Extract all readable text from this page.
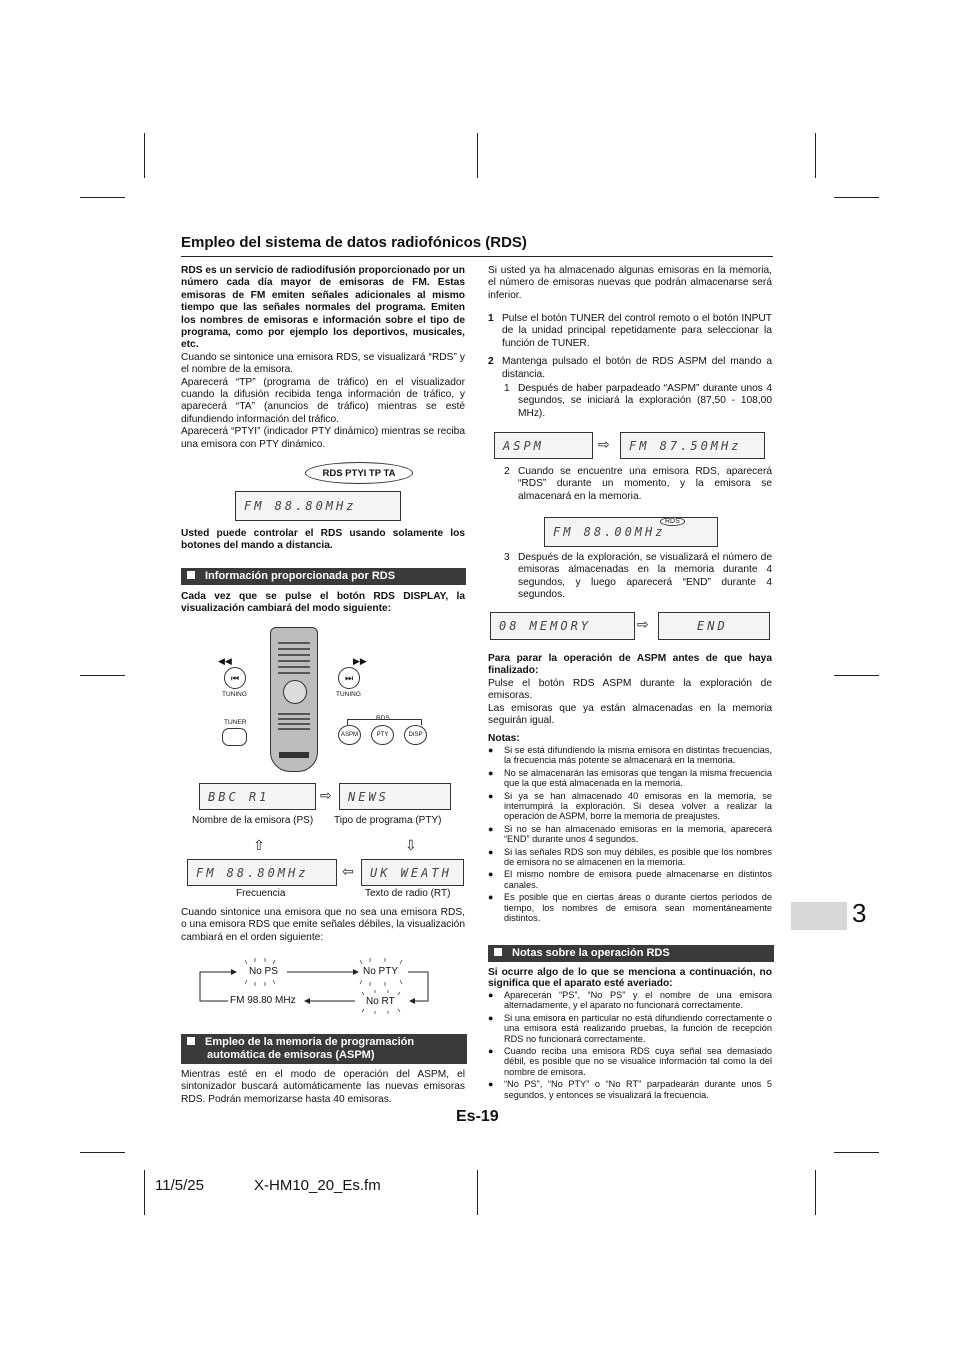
Empleo del sistema de datos radiofónicos (RDS)

RDS es un servicio de radiodifusión proporcionado por un número cada día mayor de emisoras de FM. Estas emisoras de FM emiten señales adicionales al mismo tiempo que las señales normales del programa. Emiten los nombres de emisoras e información sobre el tipo de programa, como por ejemplo los deportivos, musicales, etc.

Cuando se sintonice una emisora RDS, se visualizará “RDS” y el nombre de la emisora.

Aparecerá “TP” (programa de tráfico) en el visualizador cuando la difusión recibida tenga información de tráfico, y aparecerá “TA” (anuncios de tráfico) mientras se esté difundiendo información del tráfico.

Aparecerá “PTYI” (indicador PTY dinámico) mientras se reciba una emisora con PTY dinámico.

RDS PTYI TP TA
FM 88.80MHz
Usted puede controlar el RDS usando solamente los botones del mando a distancia.
Información proporcionada por RDS
Cada vez que se pulse el botón RDS DISPLAY, la visualización cambiará del modo siguiente:
◀◀
⏮
TUNING
▶▶
⏭
TUNING
TUNER
RDS
ASPM	PTY	DISP
BBC R1	⇨ NEWS
Nombre de la emisora (PS) Tipo de programa (PTY)
⇧	⇩
FM 88.80MHz ⇦ UK WEATH
Frecuencia	Texto de radio (RT)
Cuando sintonice una emisora que no sea una emisora RDS, o una emisora RDS que emite señales débiles, la visualización cambiará en el orden siguiente:
No PS	No PTY
FM 98.80 MHz	No RT
Empleo de la memoria de programación automática de emisoras (ASPM)
Mientras esté en el modo de operación del ASPM, el sintonizador buscará automáticamente las nuevas emisoras RDS. Podrán memorizarse hasta 40 emisoras.
Si usted ya ha almacenado algunas emisoras en la memoria, el número de emisoras nuevas que podrán almacenarse será inferior.
1 Pulse el botón TUNER del control remoto o el botón INPUT de la unidad principal repetidamente para seleccionar la función de TUNER.
2 Mantenga pulsado el botón de RDS ASPM del mando a distancia.
1 Después de haber parpadeado “ASPM” durante unos 4 segundos, se iniciará la exploración (87,50 - 108,00 MHz).
ASPM	⇨ FM 87.50MHz
2 Cuando se encuentre una emisora RDS, aparecerá “RDS” durante un momento, y la emisora se almacenará en la memoria.
FM 88.00MHz
RDS
3 Después de la exploración, se visualizará el número de emisoras almacenadas en la memoria durante 4 segundos, y luego aparecerá “END” durante 4 segundos.
08 MEMORY	⇨	END

Para parar la operación de ASPM antes de que haya finalizado:

Pulse el botón RDS ASPM durante la exploración de emisoras.

Las emisoras que ya están almacenadas en la memoria seguirán igual.

Notas:

● Si se está difundiendo la misma emisora en distintas frecuencias, la frecuencia más potente se almacenará en la memoria.
● No se almacenarán las emisoras que tengan la misma frecuencia que la que está almacenada en la memoria.
● Si ya se han almacenado 40 emisoras en la memoria, se interrumpirá la exploración. Si desea volver a realizar la operación de ASPM, borre la memoria de preajustes.
● Si no se han almacenado emisoras en la memoria, aparecerá “END” durante unos 4 segundos.
● Si las señales RDS son muy débiles, es posible que los nombres de emisora no se almacenen en la memoria.
● El mismo nombre de emisora puede almacenarse en distintos canales.
● Es posible que en ciertas áreas o durante ciertos períodos de tiempo, los nombres de emisora sean momentáneamente distintos.
Notas sobre la operación RDS
Si ocurre algo de lo que se menciona a continuación, no significa que el aparato esté averiado:
● Aparecerán “PS”, “No PS” y el nombre de una emisora alternadamente, y el aparato no funcionará correctamente.
● Si una emisora en particular no está difundiendo correctamente o una emisora está realizando pruebas, la función de recepción RDS no funcionará correctamente.
● Cuando reciba una emisora RDS cuya señal sea demasiado débil, es posible que no se visualice información tal como la del nombre de emisora.
● “No PS”, “No PTY” o “No RT” parpadearán durante unos 5 segundos, y entonces se visualizará la frecuencia.
3
Es-19
11/5/25	X-HM10_20_Es.fm
